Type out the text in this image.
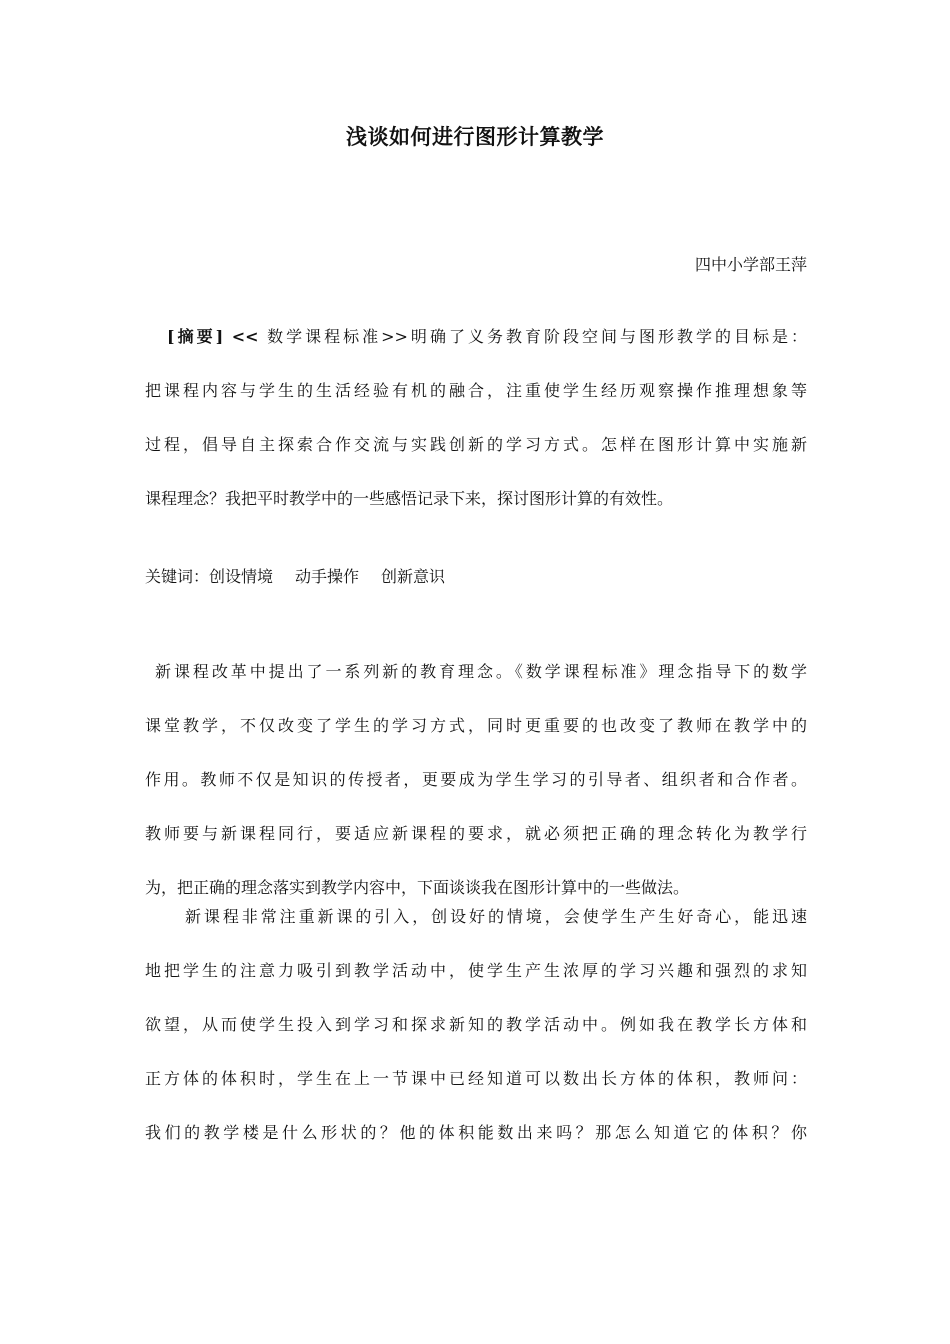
浅谈如何进行图形计算教学
四中小学部王萍
[摘要] << 数学课程标准>>明确了义务教育阶段空间与图形教学的目标是：
把课程内容与学生的生活经验有机的融合，注重使学生经历观察操作推理想象等
过程，倡导自主探索合作交流与实践创新的学习方式。怎样在图形计算中实施新
课程理念？我把平时教学中的一些感悟记录下来，探讨图形计算的有效性。
关键词：创设情境 动手操作 创新意识
新课程改革中提出了一系列新的教育理念。《数学课程标准》理念指导下的数学
课堂教学，不仅改变了学生的学习方式，同时更重要的也改变了教师在教学中的
作用。教师不仅是知识的传授者，更要成为学生学习的引导者、组织者和合作者。
教师要与新课程同行，要适应新课程的要求，就必须把正确的理念转化为教学行
为，把正确的理念落实到教学内容中，下面谈谈我在图形计算中的一些做法。
新课程非常注重新课的引入，创设好的情境，会使学生产生好奇心，能迅速
地把学生的注意力吸引到教学活动中，使学生产生浓厚的学习兴趣和强烈的求知
欲望，从而使学生投入到学习和探求新知的教学活动中。例如我在教学长方体和
正方体的体积时，学生在上一节课中已经知道可以数出长方体的体积，教师问：
我们的教学楼是什么形状的？他的体积能数出来吗？那怎么知道它的体积？你
